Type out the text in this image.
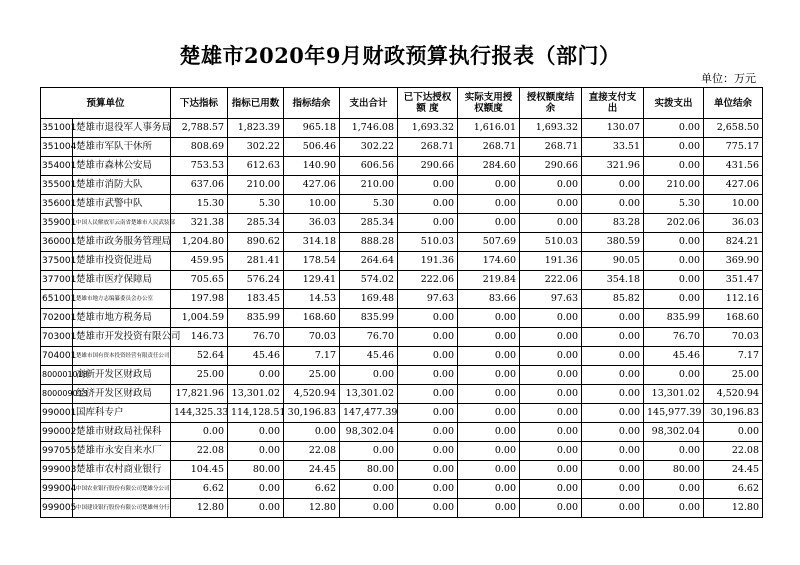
楚雄市2020年9月财政预算执行报表（部门）
单位：万元
预算单位		下达指标	指标已用数	指标结余	支出合计	已下达授权 额 度	实际支用授权额度	授权额度结余	直接支付支出	实拨支出	单位结余
351001	楚雄市退役军人事务局	2,788.57	1,823.39	965.18	1,746.08	1,693.32	1,616.01	1,693.32	130.07	0.00	2,658.50
351004	楚雄市军队干休所	808.69	302.22	506.46	302.22	268.71	268.71	268.71	33.51	0.00	775.17
354001	楚雄市森林公安局	753.53	612.63	140.90	606.56	290.66	284.60	290.66	321.96	0.00	431.56
355001	楚雄市消防大队	637.06	210.00	427.06	210.00	0.00	0.00	0.00	0.00	210.00	427.06
356001	楚雄市武警中队	15.30	5.30	10.00	5.30	0.00	0.00	0.00	0.00	5.30	10.00
359001	中国人民解放军云南省楚雄市人民武装部	321.38	285.34	36.03	285.34	0.00	0.00	0.00	83.28	202.06	36.03
360001	楚雄市政务服务管理局	1,204.80	890.62	314.18	888.28	510.03	507.69	510.03	380.59	0.00	824.21
375001	楚雄市投资促进局	459.95	281.41	178.54	264.64	191.36	174.60	191.36	90.05	0.00	369.90
377001	楚雄市医疗保障局	705.65	576.24	129.41	574.02	222.06	219.84	222.06	354.18	0.00	351.47
651001	楚雄市地方志编纂委员会办公室	197.98	183.45	14.53	169.48	97.63	83.66	97.63	85.82	0.00	112.16
702001	楚雄市地方税务局	1,004.59	835.99	168.60	835.99	0.00	0.00	0.00	0.00	835.99	168.60
703001	楚雄市开发投资有限公司	146.73	76.70	70.03	76.70	0.00	0.00	0.00	0.00	76.70	70.03
704001	楚雄市国有资本投资经营有限责任公司	52.64	45.46	7.17	45.46	0.00	0.00	0.00	0.00	45.46	7.17
800001018	高新开发区财政局	25.00	0.00	25.00	0.00	0.00	0.00	0.00	0.00	0.00	25.00
800009013	经济开发区财政局	17,821.96	13,301.02	4,520.94	13,301.02	0.00	0.00	0.00	0.00	13,301.02	4,520.94
990001	国库科专户	144,325.33	114,128.51	30,196.83	147,477.39	0.00	0.00	0.00	0.00	145,977.39	30,196.83
990002	楚雄市财政局社保科	0.00	0.00	0.00	98,302.04	0.00	0.00	0.00	0.00	98,302.04	0.00
997055	楚雄市永安自来水厂	22.08	0.00	22.08	0.00	0.00	0.00	0.00	0.00	0.00	22.08
999003	楚雄市农村商业银行	104.45	80.00	24.45	80.00	0.00	0.00	0.00	0.00	80.00	24.45
999004	中国农业银行股份有限公司楚雄分公司	6.62	0.00	6.62	0.00	0.00	0.00	0.00	0.00	0.00	6.62
999005	中国建设银行股份有限公司楚雄州分行	12.80	0.00	12.80	0.00	0.00	0.00	0.00	0.00	0.00	12.80
